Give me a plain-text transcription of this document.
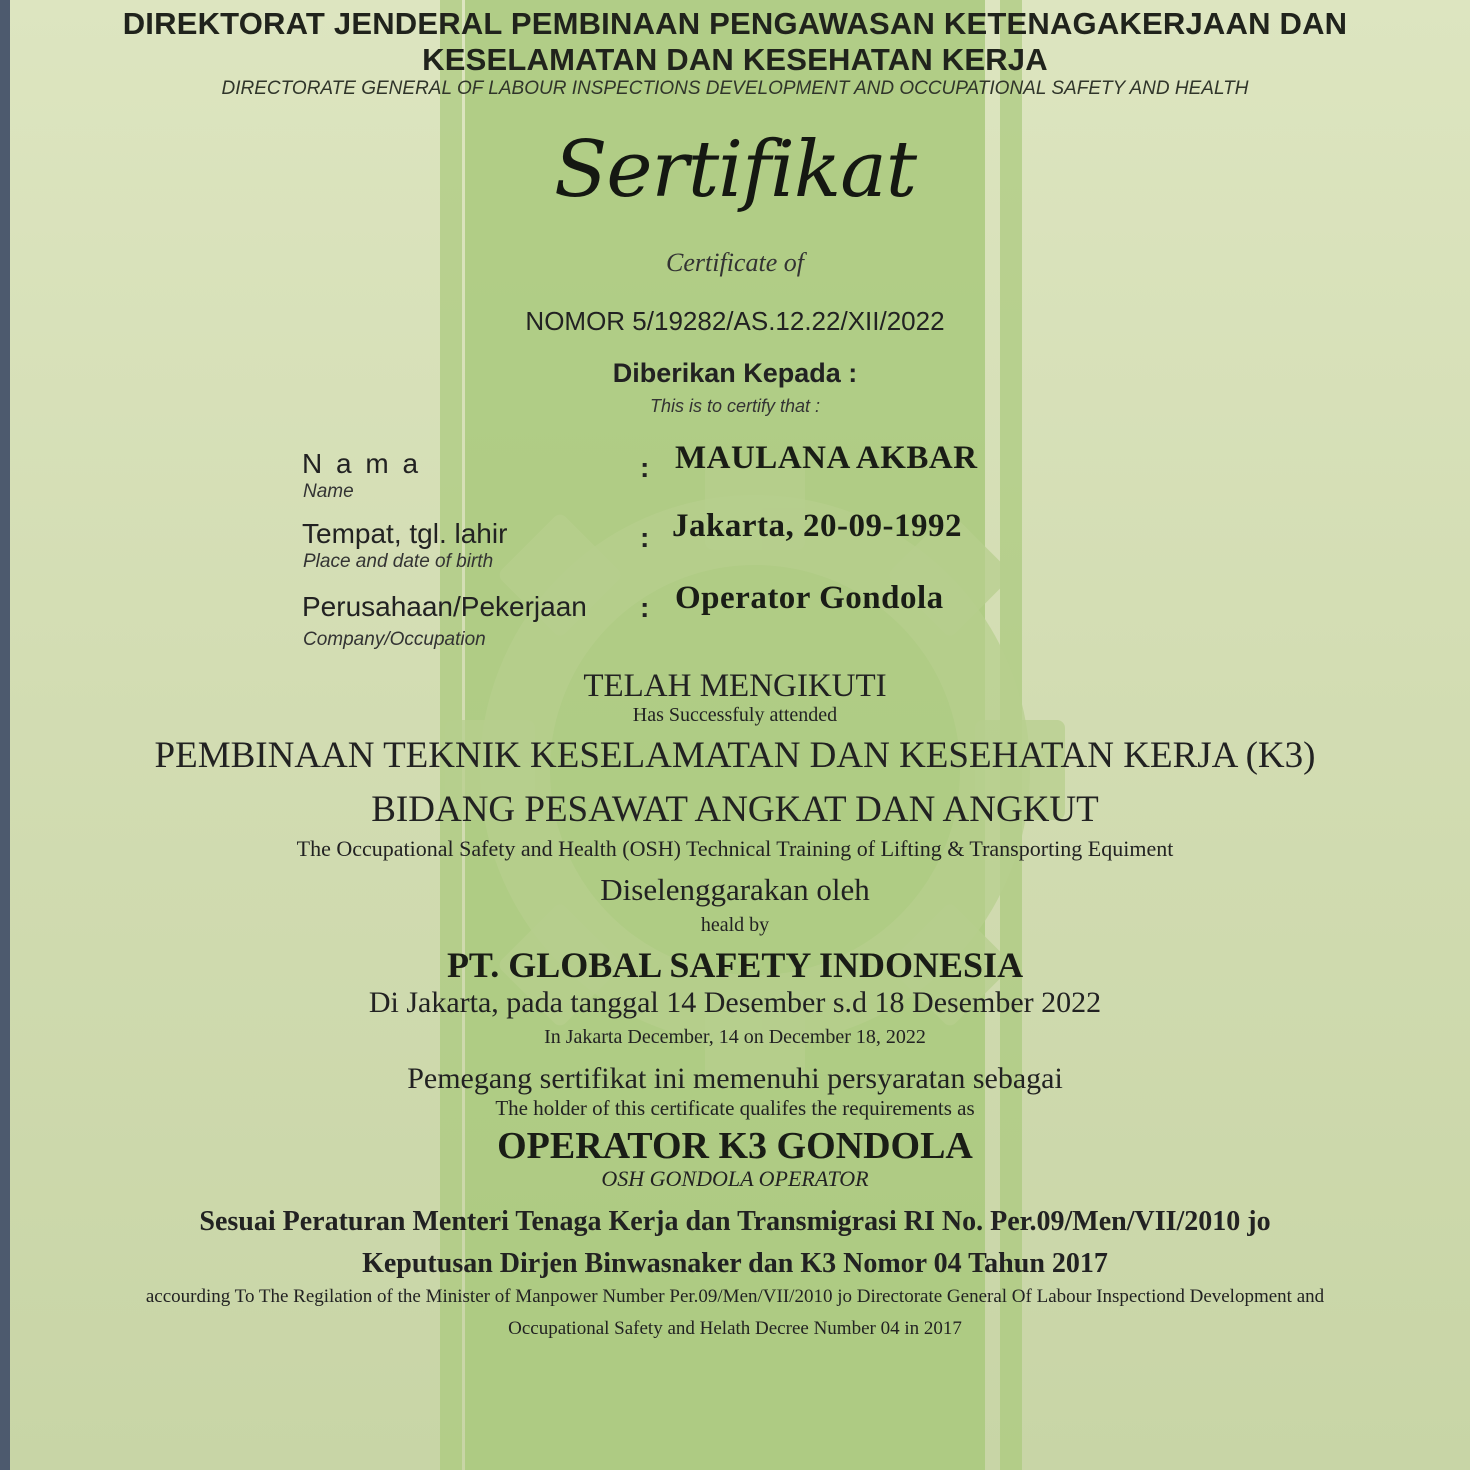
DIREKTORAT JENDERAL PEMBINAAN PENGAWASAN KETENAGAKERJAAN DAN

KESELAMATAN DAN KESEHATAN KERJA

DIRECTORATE GENERAL OF LABOUR INSPECTIONS DEVELOPMENT AND OCCUPATIONAL SAFETY AND HEALTH

Sertifikat

Certificate of

NOMOR 5/19282/AS.12.22/XII/2022

Diberikan Kepada :

This is to certify that :

N a m a

Name

: MAULANA AKBAR

Tempat, tgl. lahir

Place and date of birth

: Jakarta, 20-09-1992

Perusahaan/Pekerjaan

Company/Occupation

: Operator Gondola

TELAH MENGIKUTI

Has Successfuly attended

PEMBINAAN TEKNIK KESELAMATAN DAN KESEHATAN KERJA (K3)

BIDANG PESAWAT ANGKAT DAN ANGKUT

The Occupational Safety and Health (OSH) Technical Training of Lifting & Transporting Equiment

Diselenggarakan oleh

heald by

PT. GLOBAL SAFETY INDONESIA

Di Jakarta, pada tanggal 14 Desember s.d 18 Desember 2022

In Jakarta December, 14 on December 18, 2022

Pemegang sertifikat ini memenuhi persyaratan sebagai

The holder of this certificate qualifes the requirements as

OPERATOR K3 GONDOLA

OSH GONDOLA OPERATOR

Sesuai Peraturan Menteri Tenaga Kerja dan Transmigrasi RI No. Per.09/Men/VII/2010 jo

Keputusan Dirjen Binwasnaker dan K3 Nomor 04 Tahun 2017

accourding To The Regilation of the Minister of Manpower Number Per.09/Men/VII/2010 jo Directorate General Of Labour Inspectiond Development and

Occupational Safety and Helath Decree Number 04 in 2017
